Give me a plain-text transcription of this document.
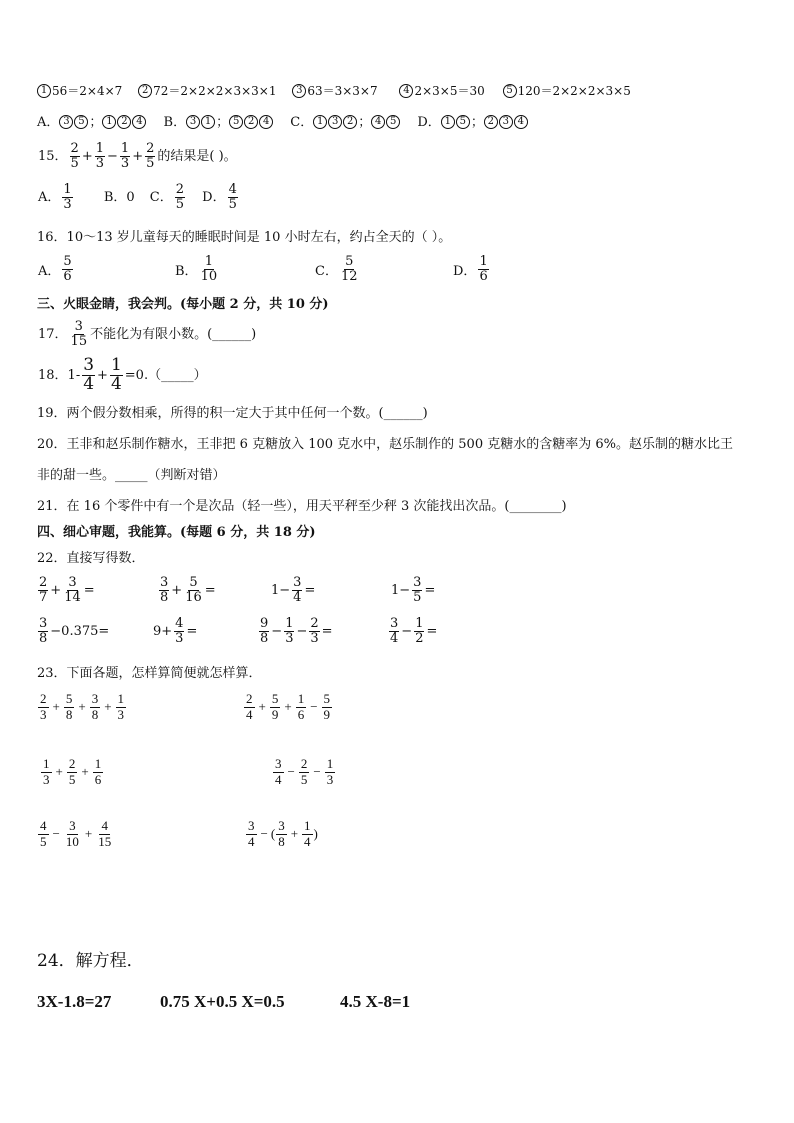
1 56＝2×4×7 2 72＝2×2×2×3×3×1 3 63＝3×3×7	4 2×3×5＝30 5 120＝2×2×2×3×5
A． 3 5 ； 1 2 4 B． 3 1 ； 5 2 4 C． 1 3 2 ； 4 5 D． 1 5 ； 2 3 4
15． $\frac{2}{5} + \frac{1}{3} - \frac{1}{3} + \frac{2}{5}$ 的结果是( )。
A． $\frac{1}{3}$ B．0 C． $\frac{2}{5}$ D． $\frac{4}{5}$
16．10～13 岁儿童每天的睡眠时间是 10 小时左右，约占全天的（ ）。
A． $\frac{5}{6}$	B． $\frac{1}{10}$	C． $\frac{5}{12}$	D． $\frac{1}{6}$
三、火眼金睛，我会判。(每小题 2 分，共 10 分)
17． $\frac{3}{15}$ 不能化为有限小数。(______)
18．$1- \frac{3}{4} + \frac{1}{4}$ =0.（_____）
19．两个假分数相乘，所得的积一定大于其中任何一个数。(______)
20．王非和赵乐制作糖水，王非把 6 克糖放入 100 克水中，赵乐制作的 500 克糖水的含糖率为 6%。赵乐制的糖水比王
非的甜一些。_____（判断对错）
21．在 16 个零件中有一个是次品（轻一些），用天平秤至少秤 3 次能找出次品。(________)
四、细心审题，我能算。(每题 6 分，共 18 分)
22．直接写得数．
$\frac{2}{7} + \frac{3}{14}$ =	$\frac{3}{8} + \frac{5}{16}$ =	$1- \frac{3}{4}$ =	$1- \frac{3}{5}$ =
$\frac{3}{8} -0.375=$	$9+ \frac{4}{3}$ =	$\frac{9}{8} - \frac{1}{3} - \frac{2}{3}$ =	$\frac{3}{4} - \frac{1}{2}$ =
23．下面各题，怎样算简便就怎样算．
$\frac{2}{3} + \frac{5}{8} + \frac{3}{8} + \frac{1}{3}$	$\frac{2}{4} + \frac{5}{9} + \frac{1}{6} - \frac{5}{9}$
$\frac{1}{3} + \frac{2}{5} + \frac{1}{6}$	$\frac{3}{4} - \frac{2}{5} - \frac{1}{3}$
$\frac{4}{5} - \frac{3}{10} + \frac{4}{15}$	$\frac{3}{4}$ − ( $\frac{3}{8} + \frac{1}{4}$ )
24．解方程．
3X-1.8=27	0.75 X+0.5 X=0.5	4.5 X-8=1
